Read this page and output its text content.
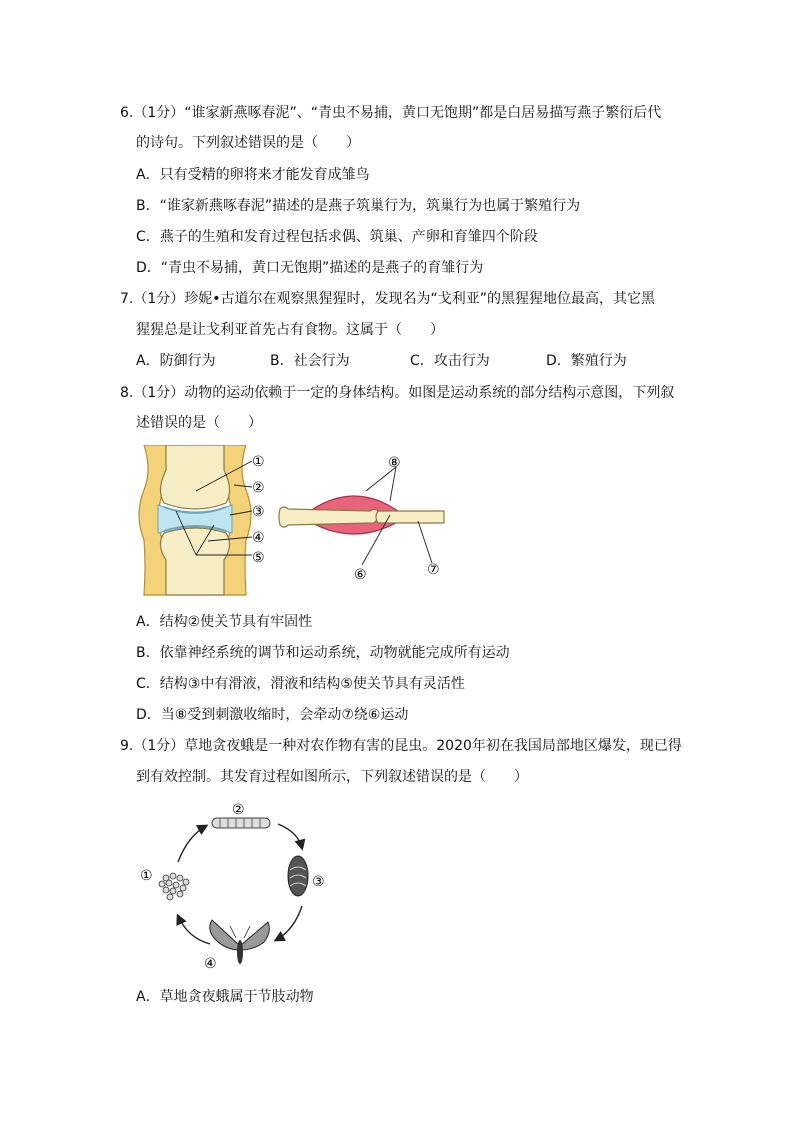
6.（1分）“谁家新燕啄春泥”、“青虫不易捕，黄口无饱期”都是白居易描写燕子繁衍后代
的诗句。下列叙述错误的是（　　）
A．只有受精的卵将来才能发育成雏鸟
B．“谁家新燕啄春泥”描述的是燕子筑巢行为，筑巢行为也属于繁殖行为
C．燕子的生殖和发育过程包括求偶、筑巢、产卵和育雏四个阶段
D．“青虫不易捕，黄口无饱期”描述的是燕子的育雏行为
7.（1分）珍妮•古道尔在观察黑猩猩时，发现名为“戈利亚”的黑猩猩地位最高，其它黑
猩猩总是让戈利亚首先占有食物。这属于（　　）
A．防御行为	B．社会行为	C．攻击行为	D．繁殖行为
8.（1分）动物的运动依赖于一定的身体结构。如图是运动系统的部分结构示意图，下列叙
述错误的是（　　）
①
②
③
④
⑤
⑧
⑥	⑦
A．结构②使关节具有牢固性
B．依靠神经系统的调节和运动系统，动物就能完成所有运动
C．结构③中有滑液，滑液和结构⑤使关节具有灵活性
D．当⑧受到刺激收缩时，会牵动⑦绕⑥运动
9.（1分）草地贪夜蛾是一种对农作物有害的昆虫。2020年初在我国局部地区爆发，现已得
到有效控制。其发育过程如图所示，下列叙述错误的是（　　）
②
③
①
④
A．草地贪夜蛾属于节肢动物
